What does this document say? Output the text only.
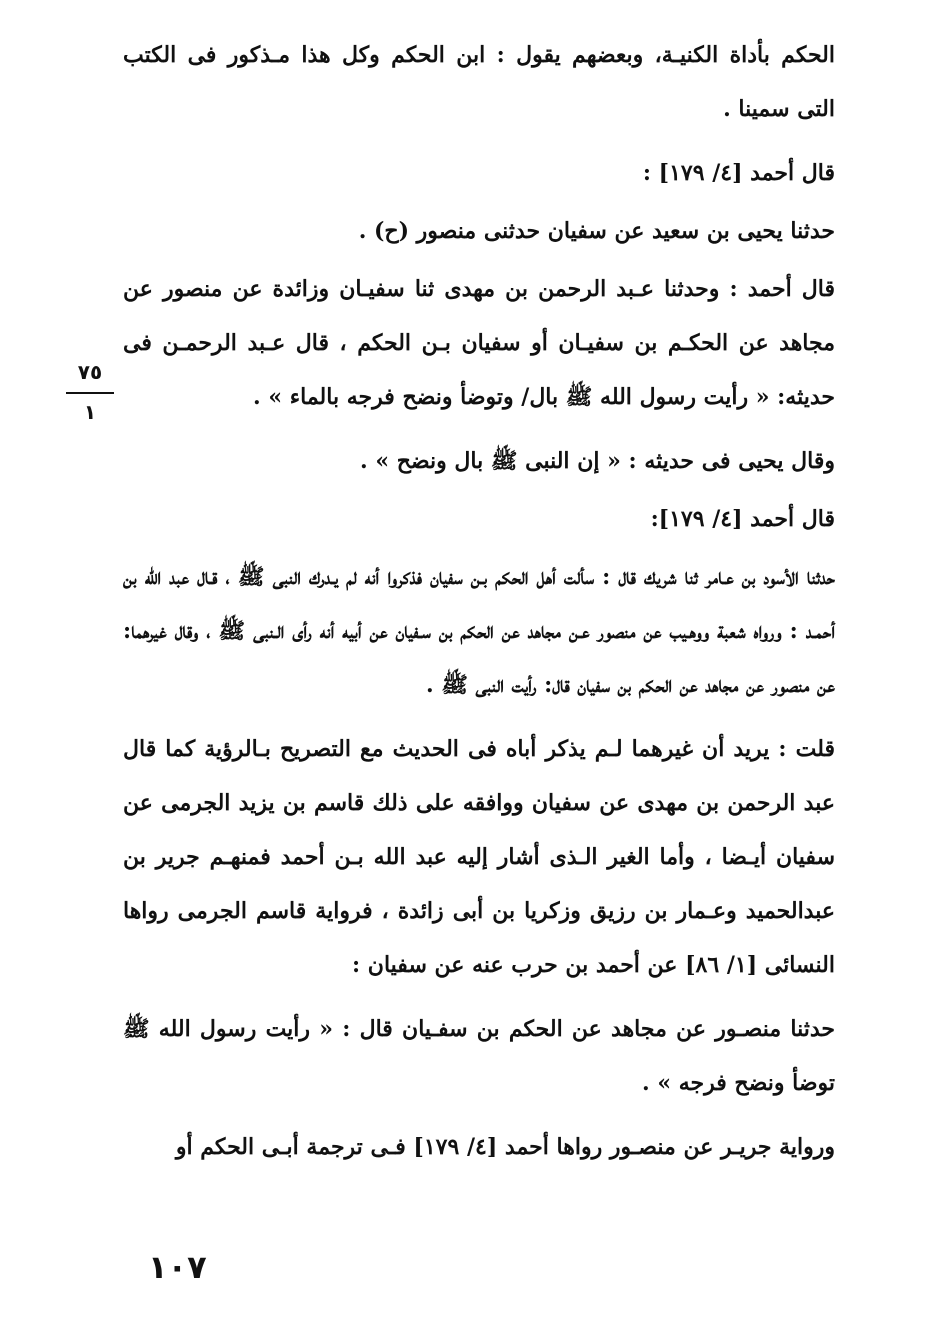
الحكم بأداة الكنيـة، وبعضهم يقول : ابن الحكم وكل هذا مـذكور فى الكتب التى سمينا .

قال أحمد [٤/ ١٧٩] :

حدثنا يحيى بن سعيد عن سفيان حدثنى منصور (ح) .

قال أحمد : وحدثنا عـبد الرحمن بن مهدى ثنا سفيـان وزائدة عن منصور عن مجاهد عن الحكـم بن سفيـان أو سفيان بـن الحكم ، قال عـبد الرحمـن فى حديثه: « رأيت رسول الله ﷺ بال/ وتوضأ ونضح فرجه بالماء » .

وقال يحيى فى حديثه : « إن النبى ﷺ بال ونضح » .

قال أحمد [٤/ ١٧٩]:

حدثنا الأسود بن عـامر ثنا شريك قال : سألت أهل الحكم بـن سفيان فذكروا أنه لم يـدرك النبى ﷺ ، قـال عبد الله بن أحمـد : ورواه شعبة ووهـيب عن منصور عـن مجاهد عن الحكم بن سـفيان عن أبيه أنه رأى الـنبى ﷺ ، وقال غيرهما: عن منصور عن مجاهد عن الحكم بن سفيان قال: رأيت النبى ﷺ .

قلت : يريد أن غيرهما لـم يذكر أباه فى الحديث مع التصريح بـالرؤية كما قال عبد الرحمن بن مهدى عن سفيان ووافقه على ذلك قاسم بن يزيد الجرمى عن سفيان أيـضا ، وأما الغير الـذى أشار إليه عبد الله بـن أحمد فمنهـم جرير بن عبدالحميد وعـمار بن رزيق وزكريا بن أبى زائدة ، فرواية قاسم الجرمى رواها النسائى [١/ ٨٦] عن أحمد بن حرب عنه عن سفيان :

حدثنا منصـور عن مجاهد عن الحكم بن سفـيان قال : « رأيت رسول الله ﷺ توضأ ونضح فرجه » .

ورواية جريـر عن منصـور رواها أحمد [٤/ ١٧٩] فـى ترجمة أبـى الحكم أو

٧٥
١
١٠٧
